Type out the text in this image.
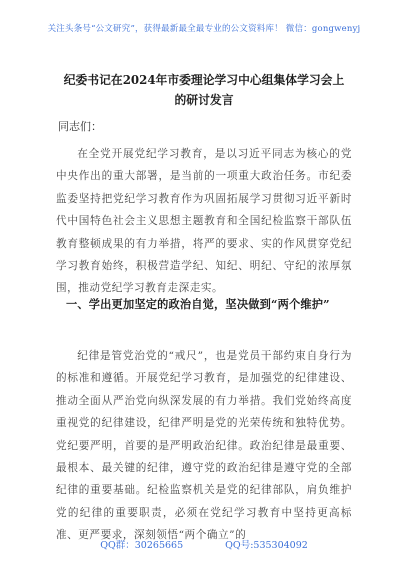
关注头条号“公文研究”，获得最新最全最专业的公文资料库！ 微信：gongwenyj
纪委书记在2024年市委理论学习中心组集体学习会上的研讨发言
同志们：

在全党开展党纪学习教育，是以习近平同志为核心的党中央作出的重大部署，是当前的一项重大政治任务。市纪委监委坚持把党纪学习教育作为巩固拓展学习贯彻习近平新时代中国特色社会主义思想主题教育和全国纪检监察干部队伍教育整顿成果的有力举措，将严的要求、实的作风贯穿党纪学习教育始终，积极营造学纪、知纪、明纪、守纪的浓厚氛围，推动党纪学习教育走深走实。

一、学出更加坚定的政治自觉，坚决做到“两个维护”

纪律是管党治党的“戒尺”，也是党员干部约束自身行为的标准和遵循。开展党纪学习教育，是加强党的纪律建设、推动全面从严治党向纵深发展的有力举措。我们党始终高度重视党的纪律建设，纪律严明是党的光荣传统和独特优势。党纪要严明，首要的是严明政治纪律。政治纪律是最重要、最根本、最关键的纪律，遵守党的政治纪律是遵守党的全部纪律的重要基础。纪检监察机关是党的纪律部队，肩负维护党的纪律的重要职责，必须在党纪学习教育中坚持更高标准、更严要求，深刻领悟“两个确立”的

QQ群：30265665	QQ号:535304092
